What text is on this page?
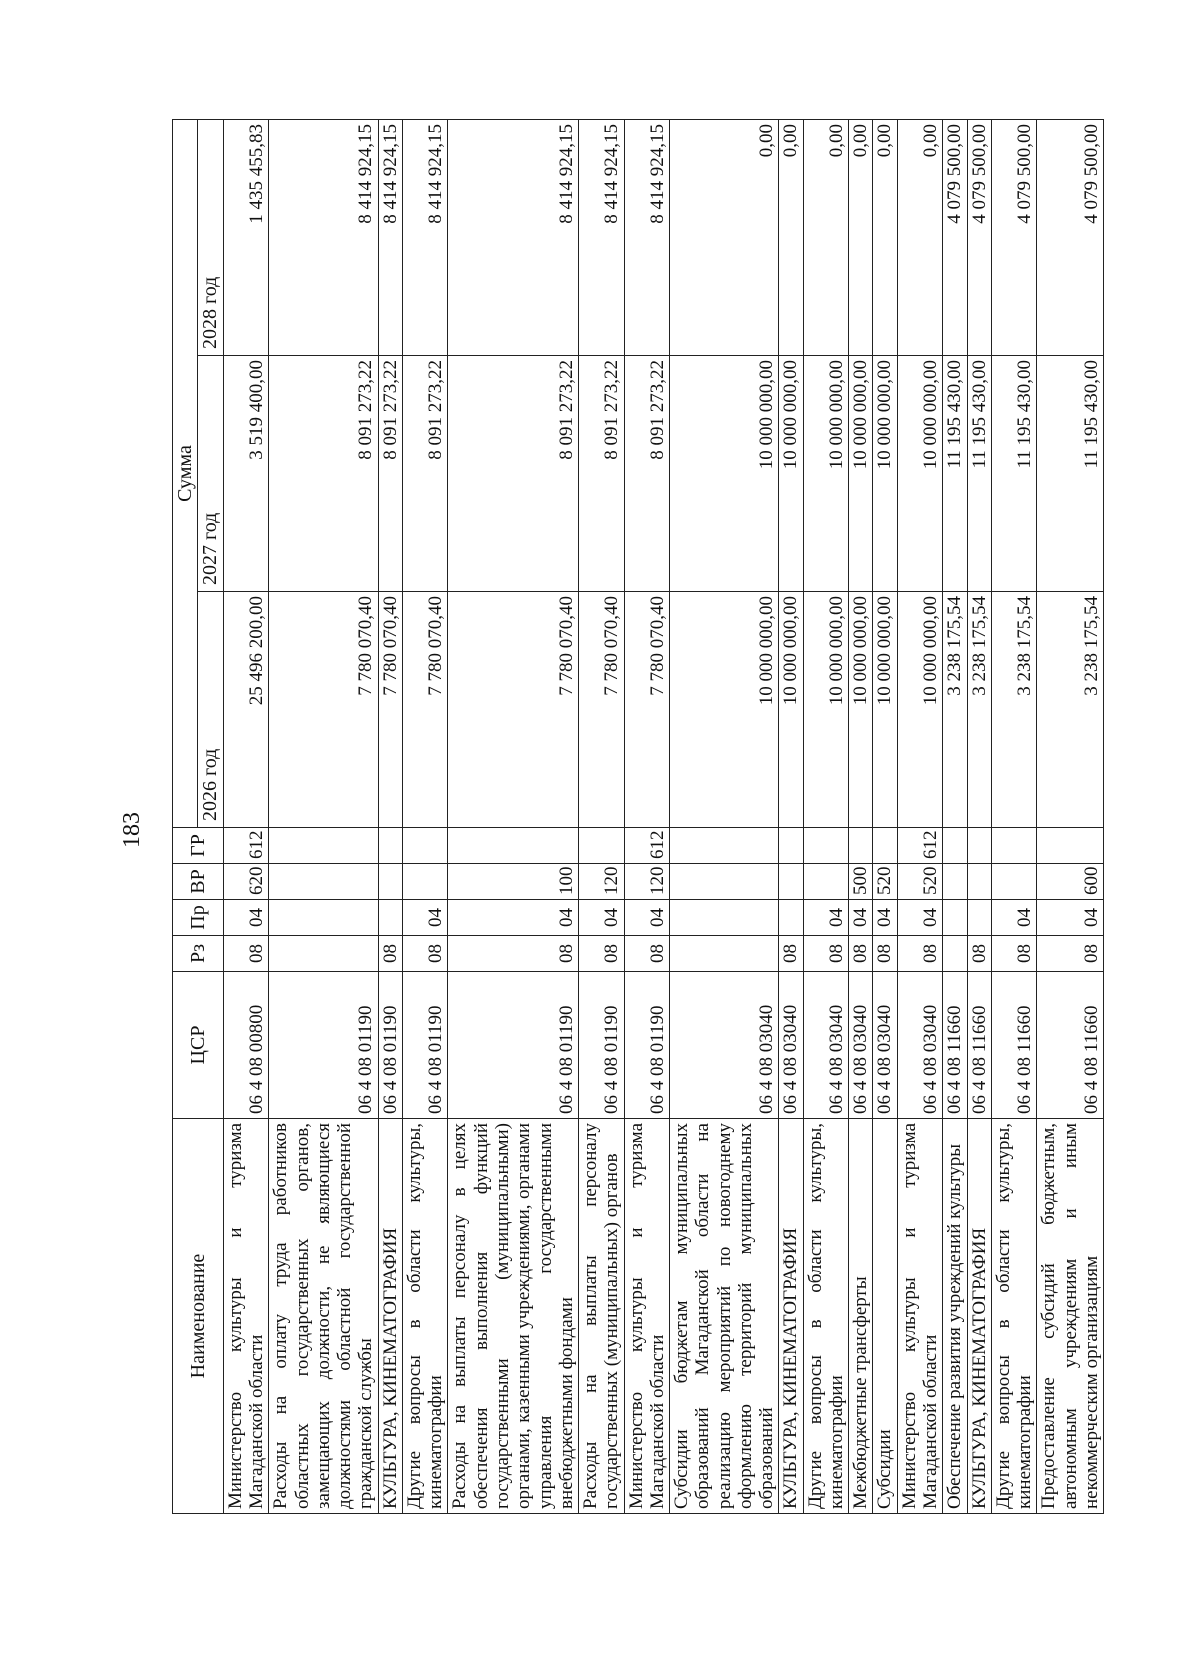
183
Наименование	ЦСР	Рз	Пр	ВР	ГР	Сумма		
						2026 год	2027 год	2028 год
Министерство культуры и туризма Магаданской области	06 4 08 00800	08	04	620	612	25 496 200,00	3 519 400,00	1 435 455,83
Расходы на оплату труда работников областных государственных органов, замещающих должности, не являющиеся должностями областной государственной гражданской службы	06 4 08 01190					7 780 070,40	8 091 273,22	8 414 924,15
КУЛЬТУРА, КИНЕМАТОГРАФИЯ	06 4 08 01190	08				7 780 070,40	8 091 273,22	8 414 924,15
Другие вопросы в области культуры, кинематографии	06 4 08 01190	08	04			7 780 070,40	8 091 273,22	8 414 924,15
Расходы на выплаты персоналу в целях обеспечения выполнения функций государственными (муниципальными) органами, казенными учреждениями, органами управления государственными внебюджетными фондами	06 4 08 01190	08	04	100		7 780 070,40	8 091 273,22	8 414 924,15
Расходы на выплаты персоналу государственных (муниципальных) органов	06 4 08 01190	08	04	120		7 780 070,40	8 091 273,22	8 414 924,15
Министерство культуры и туризма Магаданской области	06 4 08 01190	08	04	120	612	7 780 070,40	8 091 273,22	8 414 924,15
Субсидии бюджетам муниципальных образований Магаданской области на реализацию мероприятий по новогоднему оформлению территорий муниципальных образований	06 4 08 03040					10 000 000,00	10 000 000,00	0,00
КУЛЬТУРА, КИНЕМАТОГРАФИЯ	06 4 08 03040	08				10 000 000,00	10 000 000,00	0,00
Другие вопросы в области культуры, кинематографии	06 4 08 03040	08	04			10 000 000,00	10 000 000,00	0,00
Межбюджетные трансферты	06 4 08 03040	08	04	500		10 000 000,00	10 000 000,00	0,00
Субсидии	06 4 08 03040	08	04	520		10 000 000,00	10 000 000,00	0,00
Министерство культуры и туризма Магаданской области	06 4 08 03040	08	04	520	612	10 000 000,00	10 000 000,00	0,00
Обеспечение развития учреждений культуры	06 4 08 11660					3 238 175,54	11 195 430,00	4 079 500,00
КУЛЬТУРА, КИНЕМАТОГРАФИЯ	06 4 08 11660	08				3 238 175,54	11 195 430,00	4 079 500,00
Другие вопросы в области культуры, кинематографии	06 4 08 11660	08	04			3 238 175,54	11 195 430,00	4 079 500,00
Предоставление субсидий бюджетным, автономным учреждениям и иным некоммерческим организациям	06 4 08 11660	08	04	600		3 238 175,54	11 195 430,00	4 079 500,00
